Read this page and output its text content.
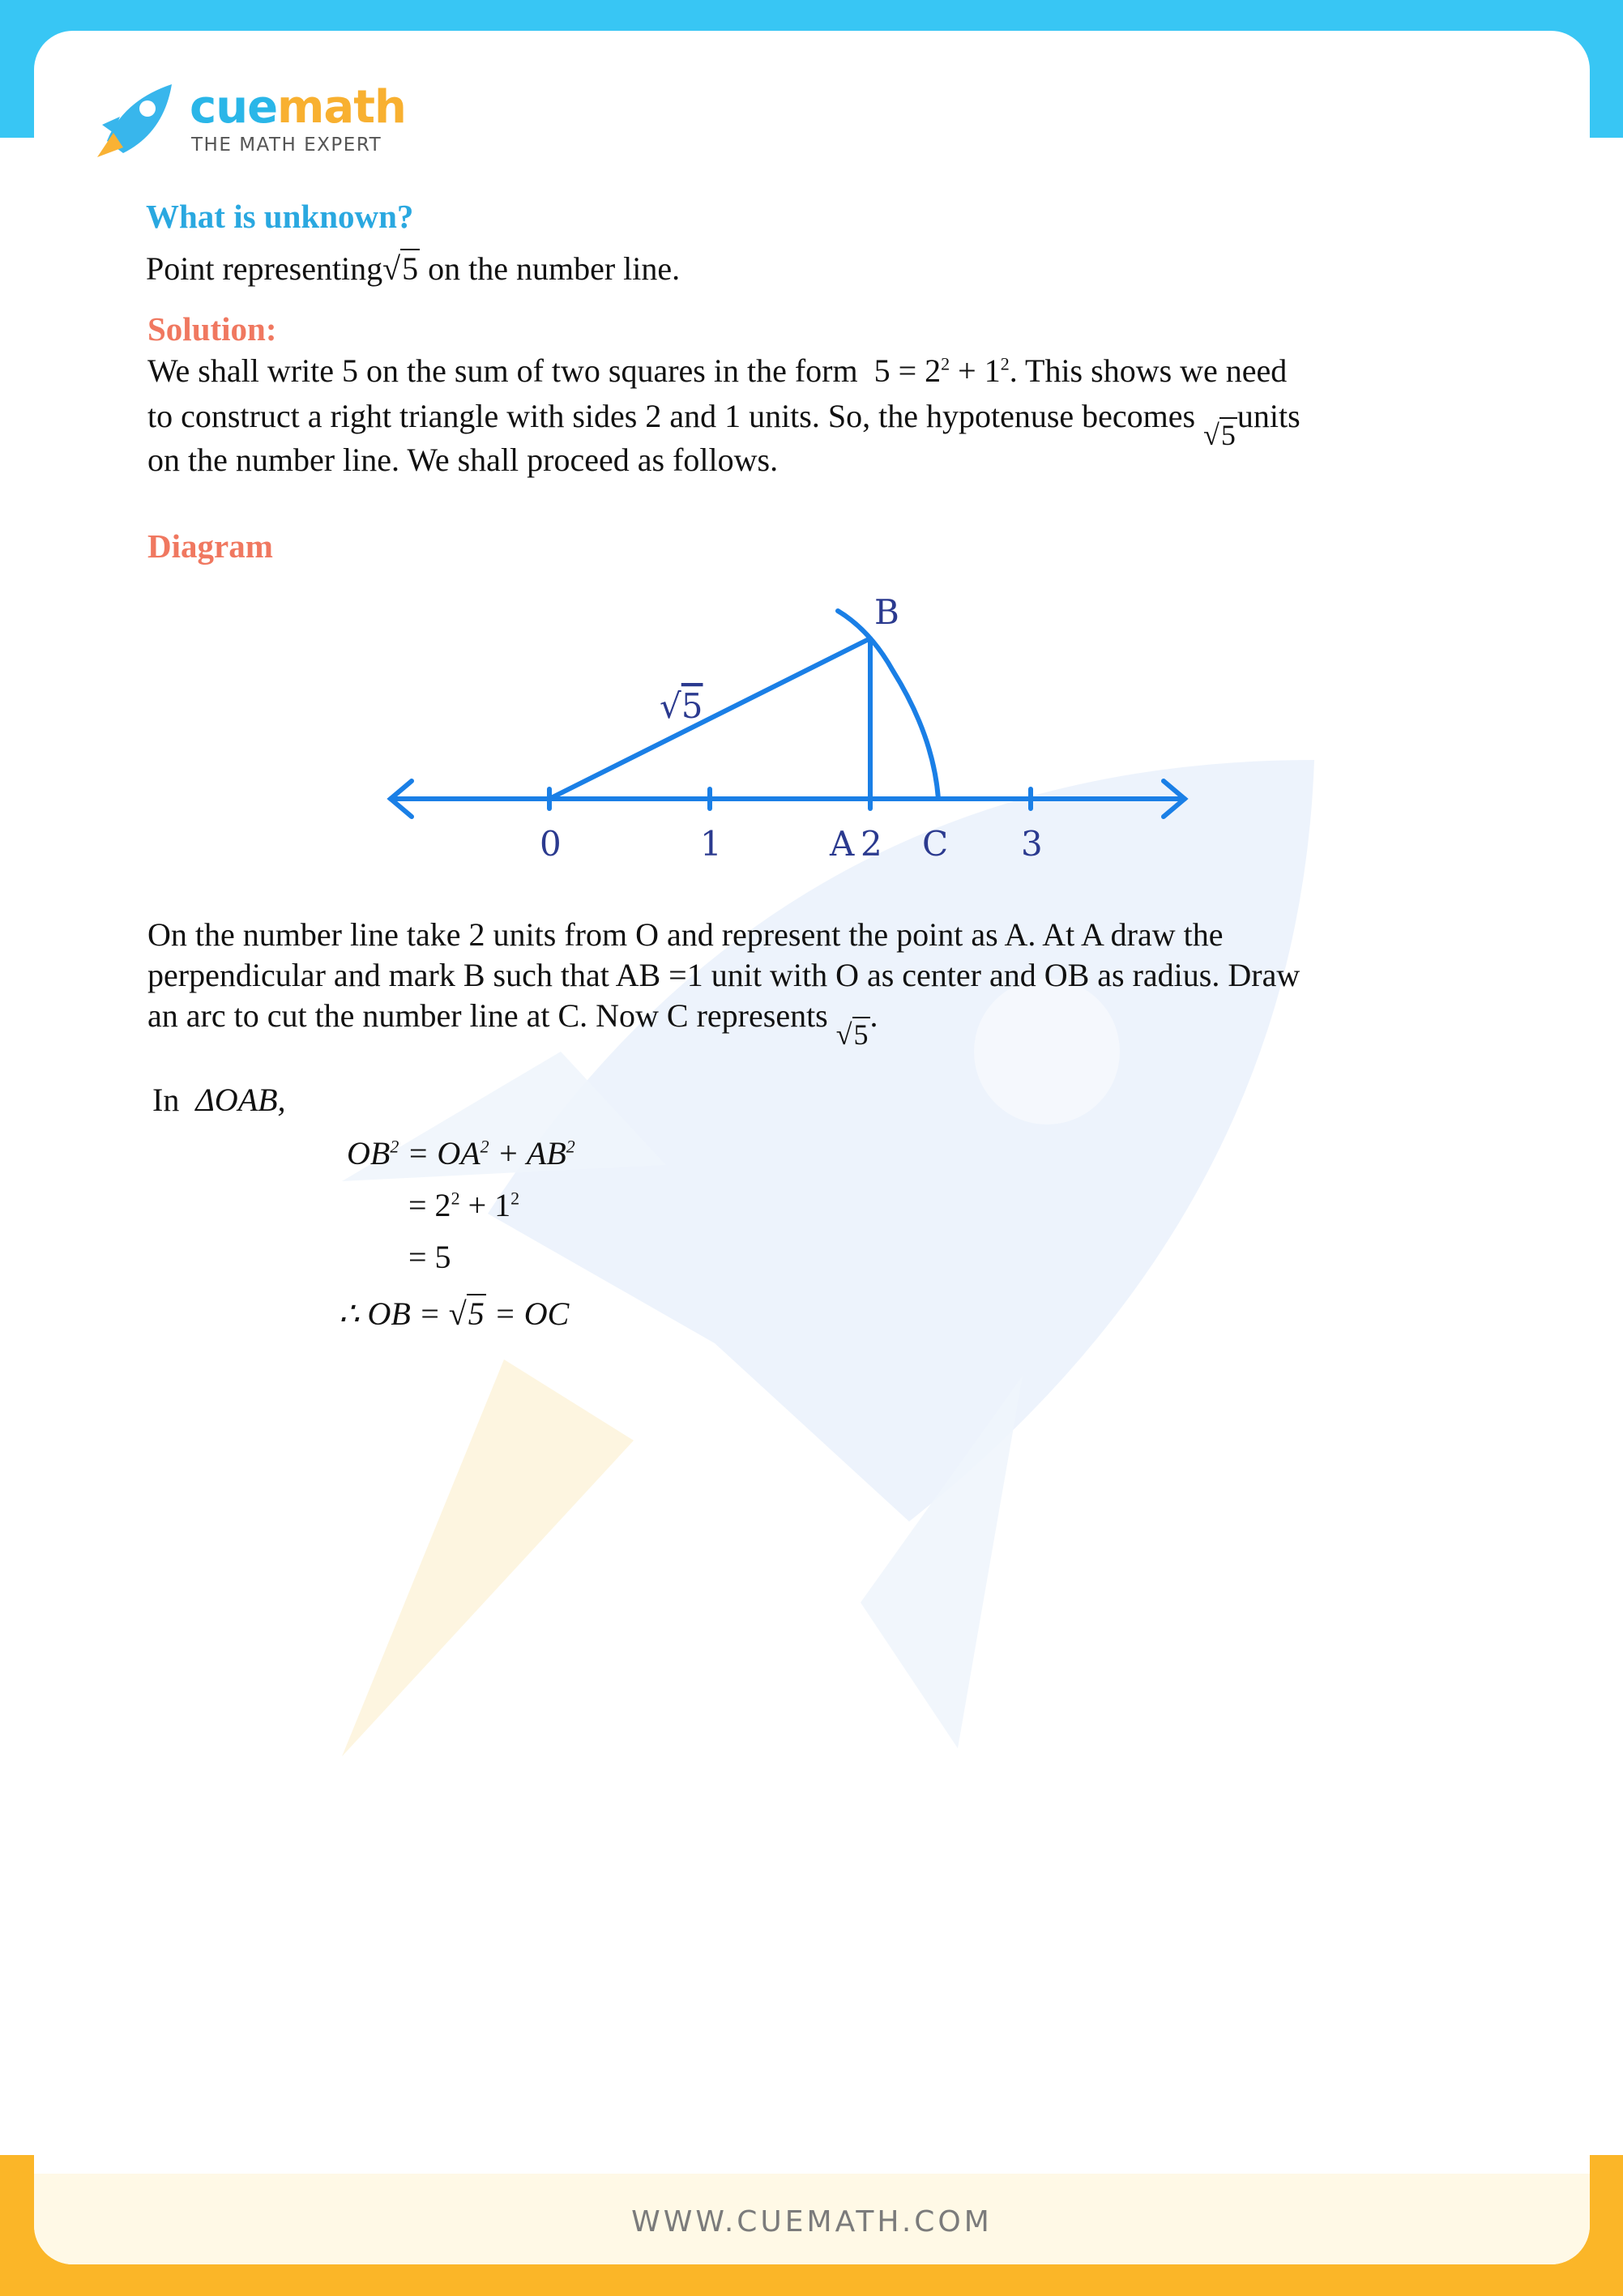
cuemath
THE MATH EXPERT
What is unknown?
Point representing√5 on the number line.
Solution:
We shall write 5 on the sum of two squares in the form $5 = 2^2 + 1^2$. This shows we need
to construct a right triangle with sides 2 and 1 units. So, the hypotenuse becomes √5units
on the number line. We shall proceed as follows.
Diagram
B
√5
0	1	A 2 C 3
On the number line take 2 units from O and represent the point as A. At A draw the
perpendicular and mark B such that AB =1 unit with O as center and OB as radius. Draw
an arc to cut the number line at C. Now C represents √5.
In ΔOAB,
$OB^2 = OA^2 + AB^2$
= $2^2 + 1^2$
= 5
∴ OB = √5 = OC
WWW.CUEMATH.COM
